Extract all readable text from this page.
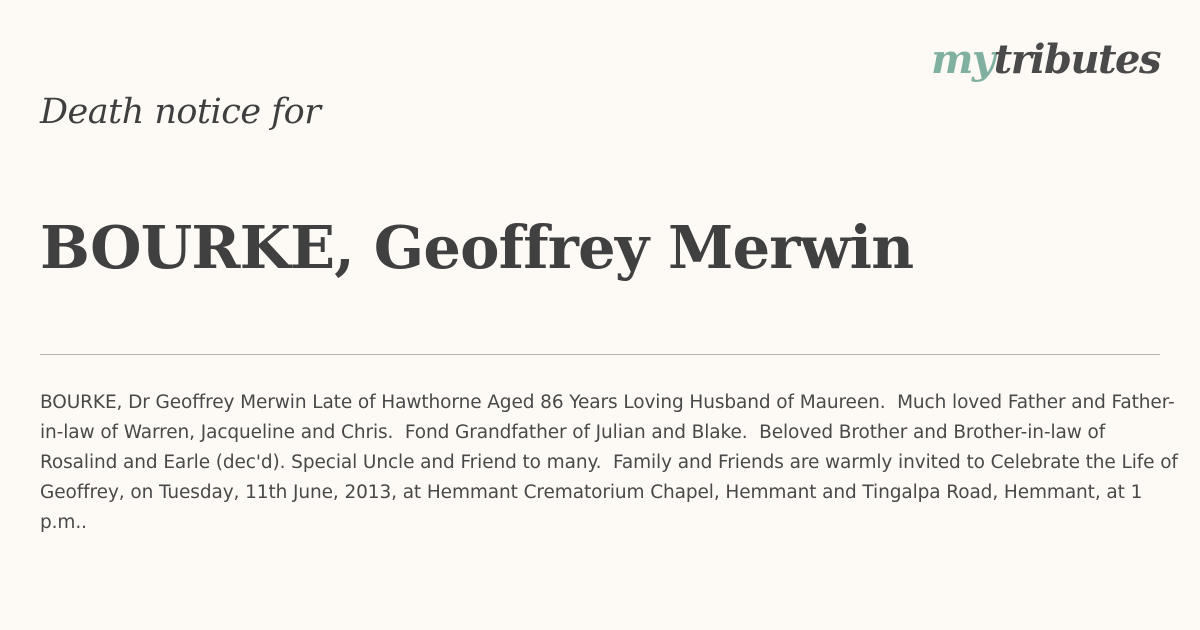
mytributes
Death notice for
BOURKE, Geoffrey Merwin
BOURKE, Dr Geoffrey Merwin Late of Hawthorne Aged 86 Years Loving Husband of Maureen.  Much loved Father and Father-in-law of Warren, Jacqueline and Chris.  Fond Grandfather of Julian and Blake.  Beloved Brother and Brother-in-law of Rosalind and Earle (dec'd). Special Uncle and Friend to many.  Family and Friends are warmly invited to Celebrate the Life of Geoffrey, on Tuesday, 11th June, 2013, at Hemmant Crematorium Chapel, Hemmant and Tingalpa Road, Hemmant, at 1 p.m..
